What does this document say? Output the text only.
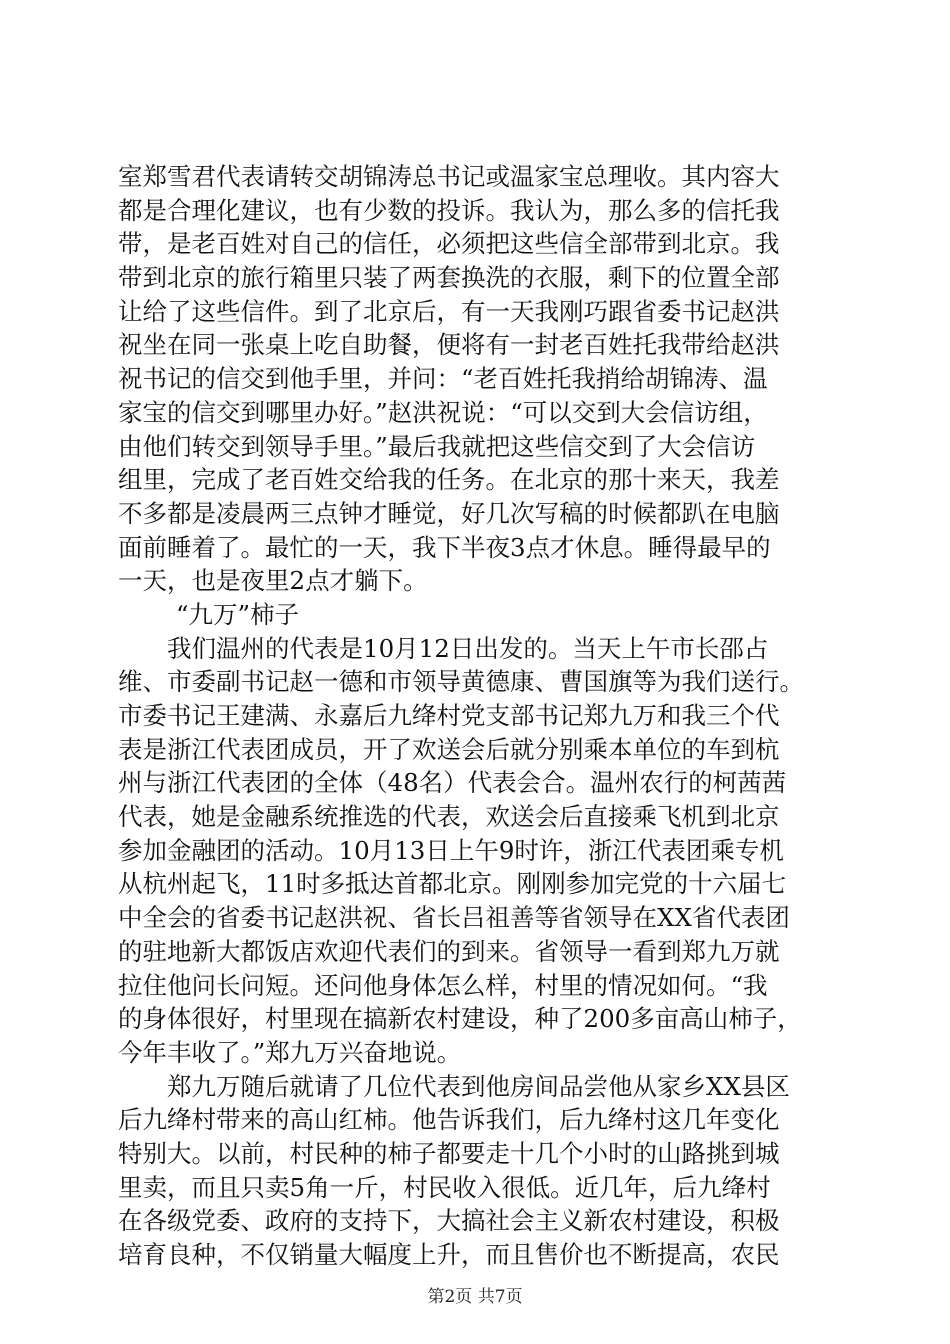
室郑雪君代表请转交胡锦涛总书记或温家宝总理收。其内容大
都是合理化建议，也有少数的投诉。我认为，那么多的信托我
带，是老百姓对自己的信任，必须把这些信全部带到北京。我
带到北京的旅行箱里只装了两套换洗的衣服，剩下的位置全部
让给了这些信件。到了北京后，有一天我刚巧跟省委书记赵洪
祝坐在同一张桌上吃自助餐，便将有一封老百姓托我带给赵洪
祝书记的信交到他手里，并问：“老百姓托我捎给胡锦涛、温
家宝的信交到哪里办好。”赵洪祝说：“可以交到大会信访组，
由他们转交到领导手里。”最后我就把这些信交到了大会信访
组里，完成了老百姓交给我的任务。在北京的那十来天，我差
不多都是凌晨两三点钟才睡觉，好几次写稿的时候都趴在电脑
面前睡着了。最忙的一天，我下半夜3点才休息。睡得最早的
一天，也是夜里2点才躺下。
“九万”柿子
　　我们温州的代表是10月12日出发的。当天上午市长邵占
维、市委副书记赵一德和市领导黄德康、曹国旗等为我们送行。
市委书记王建满、永嘉后九绛村党支部书记郑九万和我三个代
表是浙江代表团成员，开了欢送会后就分别乘本单位的车到杭
州与浙江代表团的全体（48名）代表会合。温州农行的柯茜茜
代表，她是金融系统推选的代表，欢送会后直接乘飞机到北京
参加金融团的活动。10月13日上午9时许，浙江代表团乘专机
从杭州起飞，11时多抵达首都北京。刚刚参加完党的十六届七
中全会的省委书记赵洪祝、省长吕祖善等省领导在XX省代表团
的驻地新大都饭店欢迎代表们的到来。省领导一看到郑九万就
拉住他问长问短。还问他身体怎么样，村里的情况如何。“我
的身体很好，村里现在搞新农村建设，种了200多亩高山柿子，
今年丰收了。”郑九万兴奋地说。
　　郑九万随后就请了几位代表到他房间品尝他从家乡XX县区
后九绛村带来的高山红柿。他告诉我们，后九绛村这几年变化
特别大。以前，村民种的柿子都要走十几个小时的山路挑到城
里卖，而且只卖5角一斤，村民收入很低。近几年，后九绛村
在各级党委、政府的支持下，大搞社会主义新农村建设，积极
培育良种，不仅销量大幅度上升，而且售价也不断提高，农民
第2页 共7页
